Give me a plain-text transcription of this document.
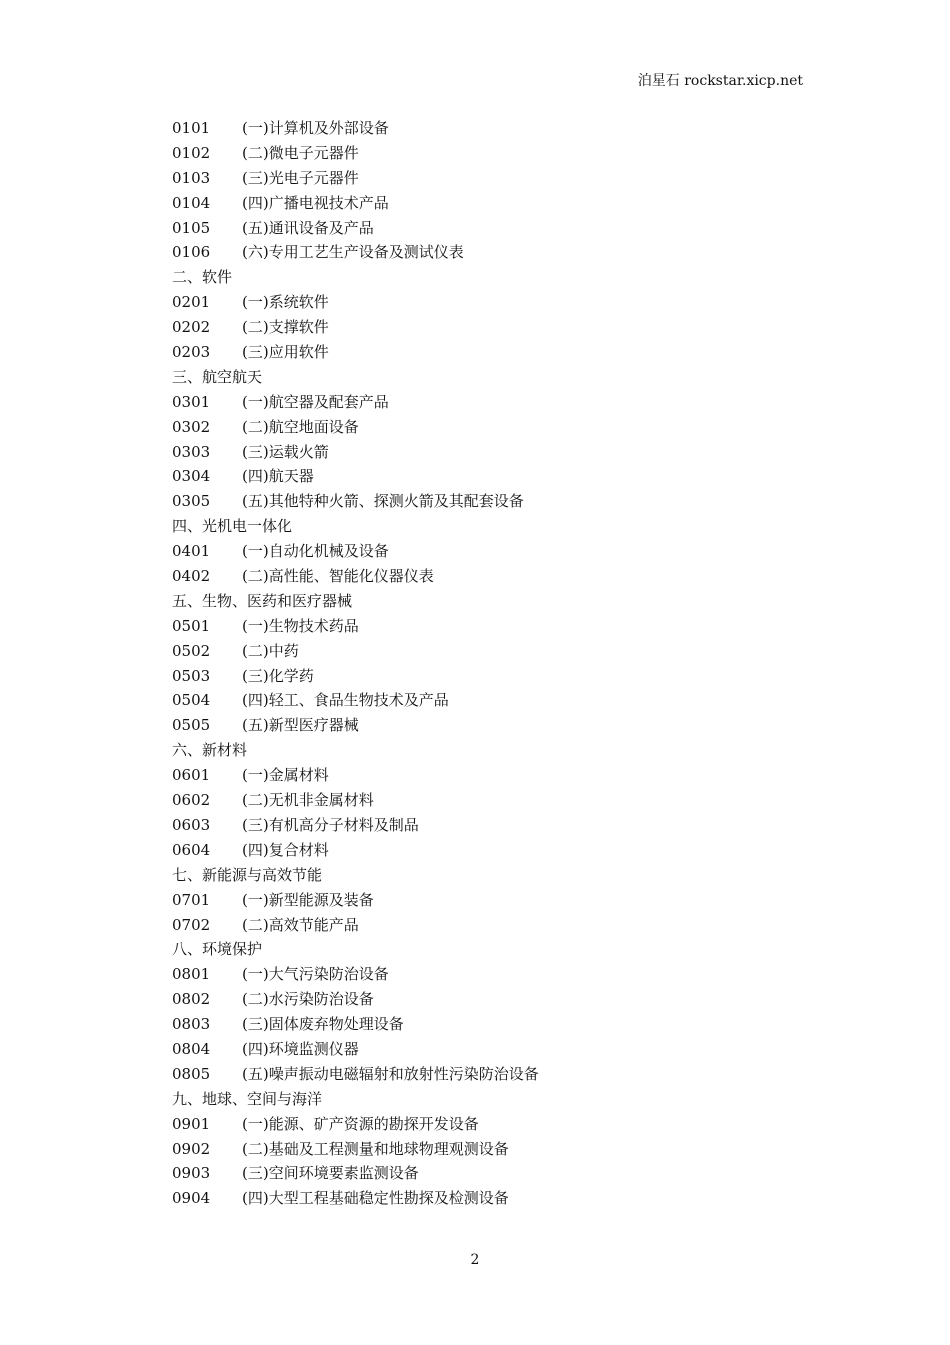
泊星石 rockstar.xicp.net
0101 (一)计算机及外部设备
0102 (二)微电子元器件
0103 (三)光电子元器件
0104 (四)广播电视技术产品
0105 (五)通讯设备及产品
0106 (六)专用工艺生产设备及测试仪表
二、软件
0201 (一)系统软件
0202 (二)支撑软件
0203 (三)应用软件
三、航空航天
0301 (一)航空器及配套产品
0302 (二)航空地面设备
0303 (三)运载火箭
0304 (四)航天器
0305 (五)其他特种火箭、探测火箭及其配套设备
四、光机电一体化
0401 (一)自动化机械及设备
0402 (二)高性能、智能化仪器仪表
五、生物、医药和医疗器械
0501 (一)生物技术药品
0502 (二)中药
0503 (三)化学药
0504 (四)轻工、食品生物技术及产品
0505 (五)新型医疗器械
六、新材料
0601 (一)金属材料
0602 (二)无机非金属材料
0603 (三)有机高分子材料及制品
0604 (四)复合材料
七、新能源与高效节能
0701 (一)新型能源及装备
0702 (二)高效节能产品
八、环境保护
0801 (一)大气污染防治设备
0802 (二)水污染防治设备
0803 (三)固体废弃物处理设备
0804 (四)环境监测仪器
0805 (五)噪声振动电磁辐射和放射性污染防治设备
九、地球、空间与海洋
0901 (一)能源、矿产资源的勘探开发设备
0902 (二)基础及工程测量和地球物理观测设备
0903 (三)空间环境要素监测设备
0904 (四)大型工程基础稳定性勘探及检测设备
2
